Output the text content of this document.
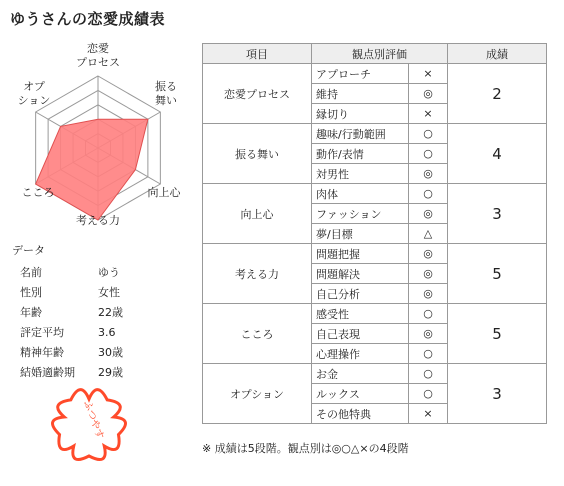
ゆうさんの恋愛成績表
恋愛
プロセス
振る
舞い
向上心
考える力
こころ
オプ
ション
データ
名前	ゆう
性別	女性
年齢	22歳
評定平均	3.6
精神年齢	30歳
結婚適齢期	29歳
ふつやす
項目	観点別評価		成績
恋愛プロセス	アプローチ	×	2
	維持	◎	
	縁切り	×	
振る舞い	趣味/行動範囲	○	4
	動作/表情	○	
	対男性	◎	
向上心	肉体	○	3
	ファッション	◎	
	夢/目標	△	
考える力	問題把握	◎	5
	問題解決	◎	
	自己分析	◎	
こころ	感受性	○	5
	自己表現	◎	
	心理操作	○	
オプション	お金	○	3
	ルックス	○	
	その他特典	×	
※ 成績は5段階。観点別は◎○△×の4段階
